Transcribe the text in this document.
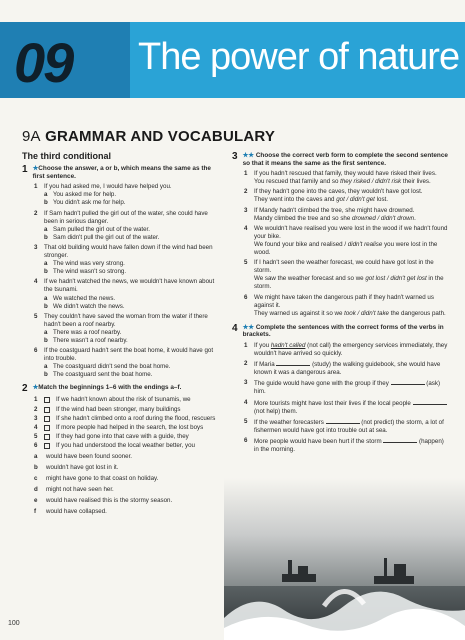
09 The power of nature
9A GRAMMAR AND VOCABULARY
The third conditional
1 ★Choose the answer, a or b, which means the same as the first sentence.
1	If you had asked me, I would have helped you.
a You asked me for help.
b You didn't ask me for help.
2	If Sam hadn't pulled the girl out of the water, she could have been in serious danger.
a Sam pulled the girl out of the water.
b Sam didn't pull the girl out of the water.
3	That old building would have fallen down if the wind had been stronger.
a The wind was very strong.
b The wind wasn't so strong.
4	If we hadn't watched the news, we wouldn't have known about the tsunami.
a We watched the news.
b We didn't watch the news.
5	They couldn't have saved the woman from the water if there hadn't been a roof nearby.
a There was a roof nearby.
b There wasn't a roof nearby.
6	If the coastguard hadn't sent the boat home, it would have got into trouble.
a The coastguard didn't send the boat home.
b The coastguard sent the boat home.
2 ★Match the beginnings 1–6 with the endings a–f.
1	If we hadn't known about the risk of tsunamis, we
2	If the wind had been stronger, many buildings
3	If she hadn't climbed onto a roof during the flood, rescuers
4	If more people had helped in the search, the lost boys
5	If they had gone into that cave with a guide, they
6	If you had understood the local weather better, you
a	would have been found sooner.
b	wouldn't have got lost in it.
c	might have gone to that coast on holiday.
d	might not have seen her.
e	would have realised this is the stormy season.
f	would have collapsed.
3 ★★ Choose the correct verb form to complete the second sentence so that it means the same as the first sentence.
1	If you hadn't rescued that family, they would have risked their lives.
You rescued that family and so they risked / didn't risk their lives.
2	If they hadn't gone into the caves, they wouldn't have got lost.
They went into the caves and got / didn't get lost.
3	If Mandy hadn't climbed the tree, she might have drowned.
Mandy climbed the tree and so she drowned / didn't drown.
4	We wouldn't have realised you were lost in the wood if we hadn't found your bike.
We found your bike and realised / didn't realise you were lost in the wood.
5	If I hadn't seen the weather forecast, we could have got lost in the storm.
We saw the weather forecast and so we got lost / didn't get lost in the storm.
6	We might have taken the dangerous path if they hadn't warned us against it.
They warned us against it so we took / didn't take the dangerous path.
4 ★★ Complete the sentences with the correct forms of the verbs in brackets.
1	If you hadn't called (not call) the emergency services immediately, they wouldn't have arrived so quickly.
2	If Maria	(study) the walking guidebook, she would have known it was a dangerous area.
3	The guide would have gone with the group if they	(ask) him.
4	More tourists might have lost their lives if the local people  (not help) them.
5	If the weather forecasters	(not predict) the storm, a lot of fishermen would have got into trouble out at sea.
6	More people would have been hurt if the storm	(happen) in the morning.
100
